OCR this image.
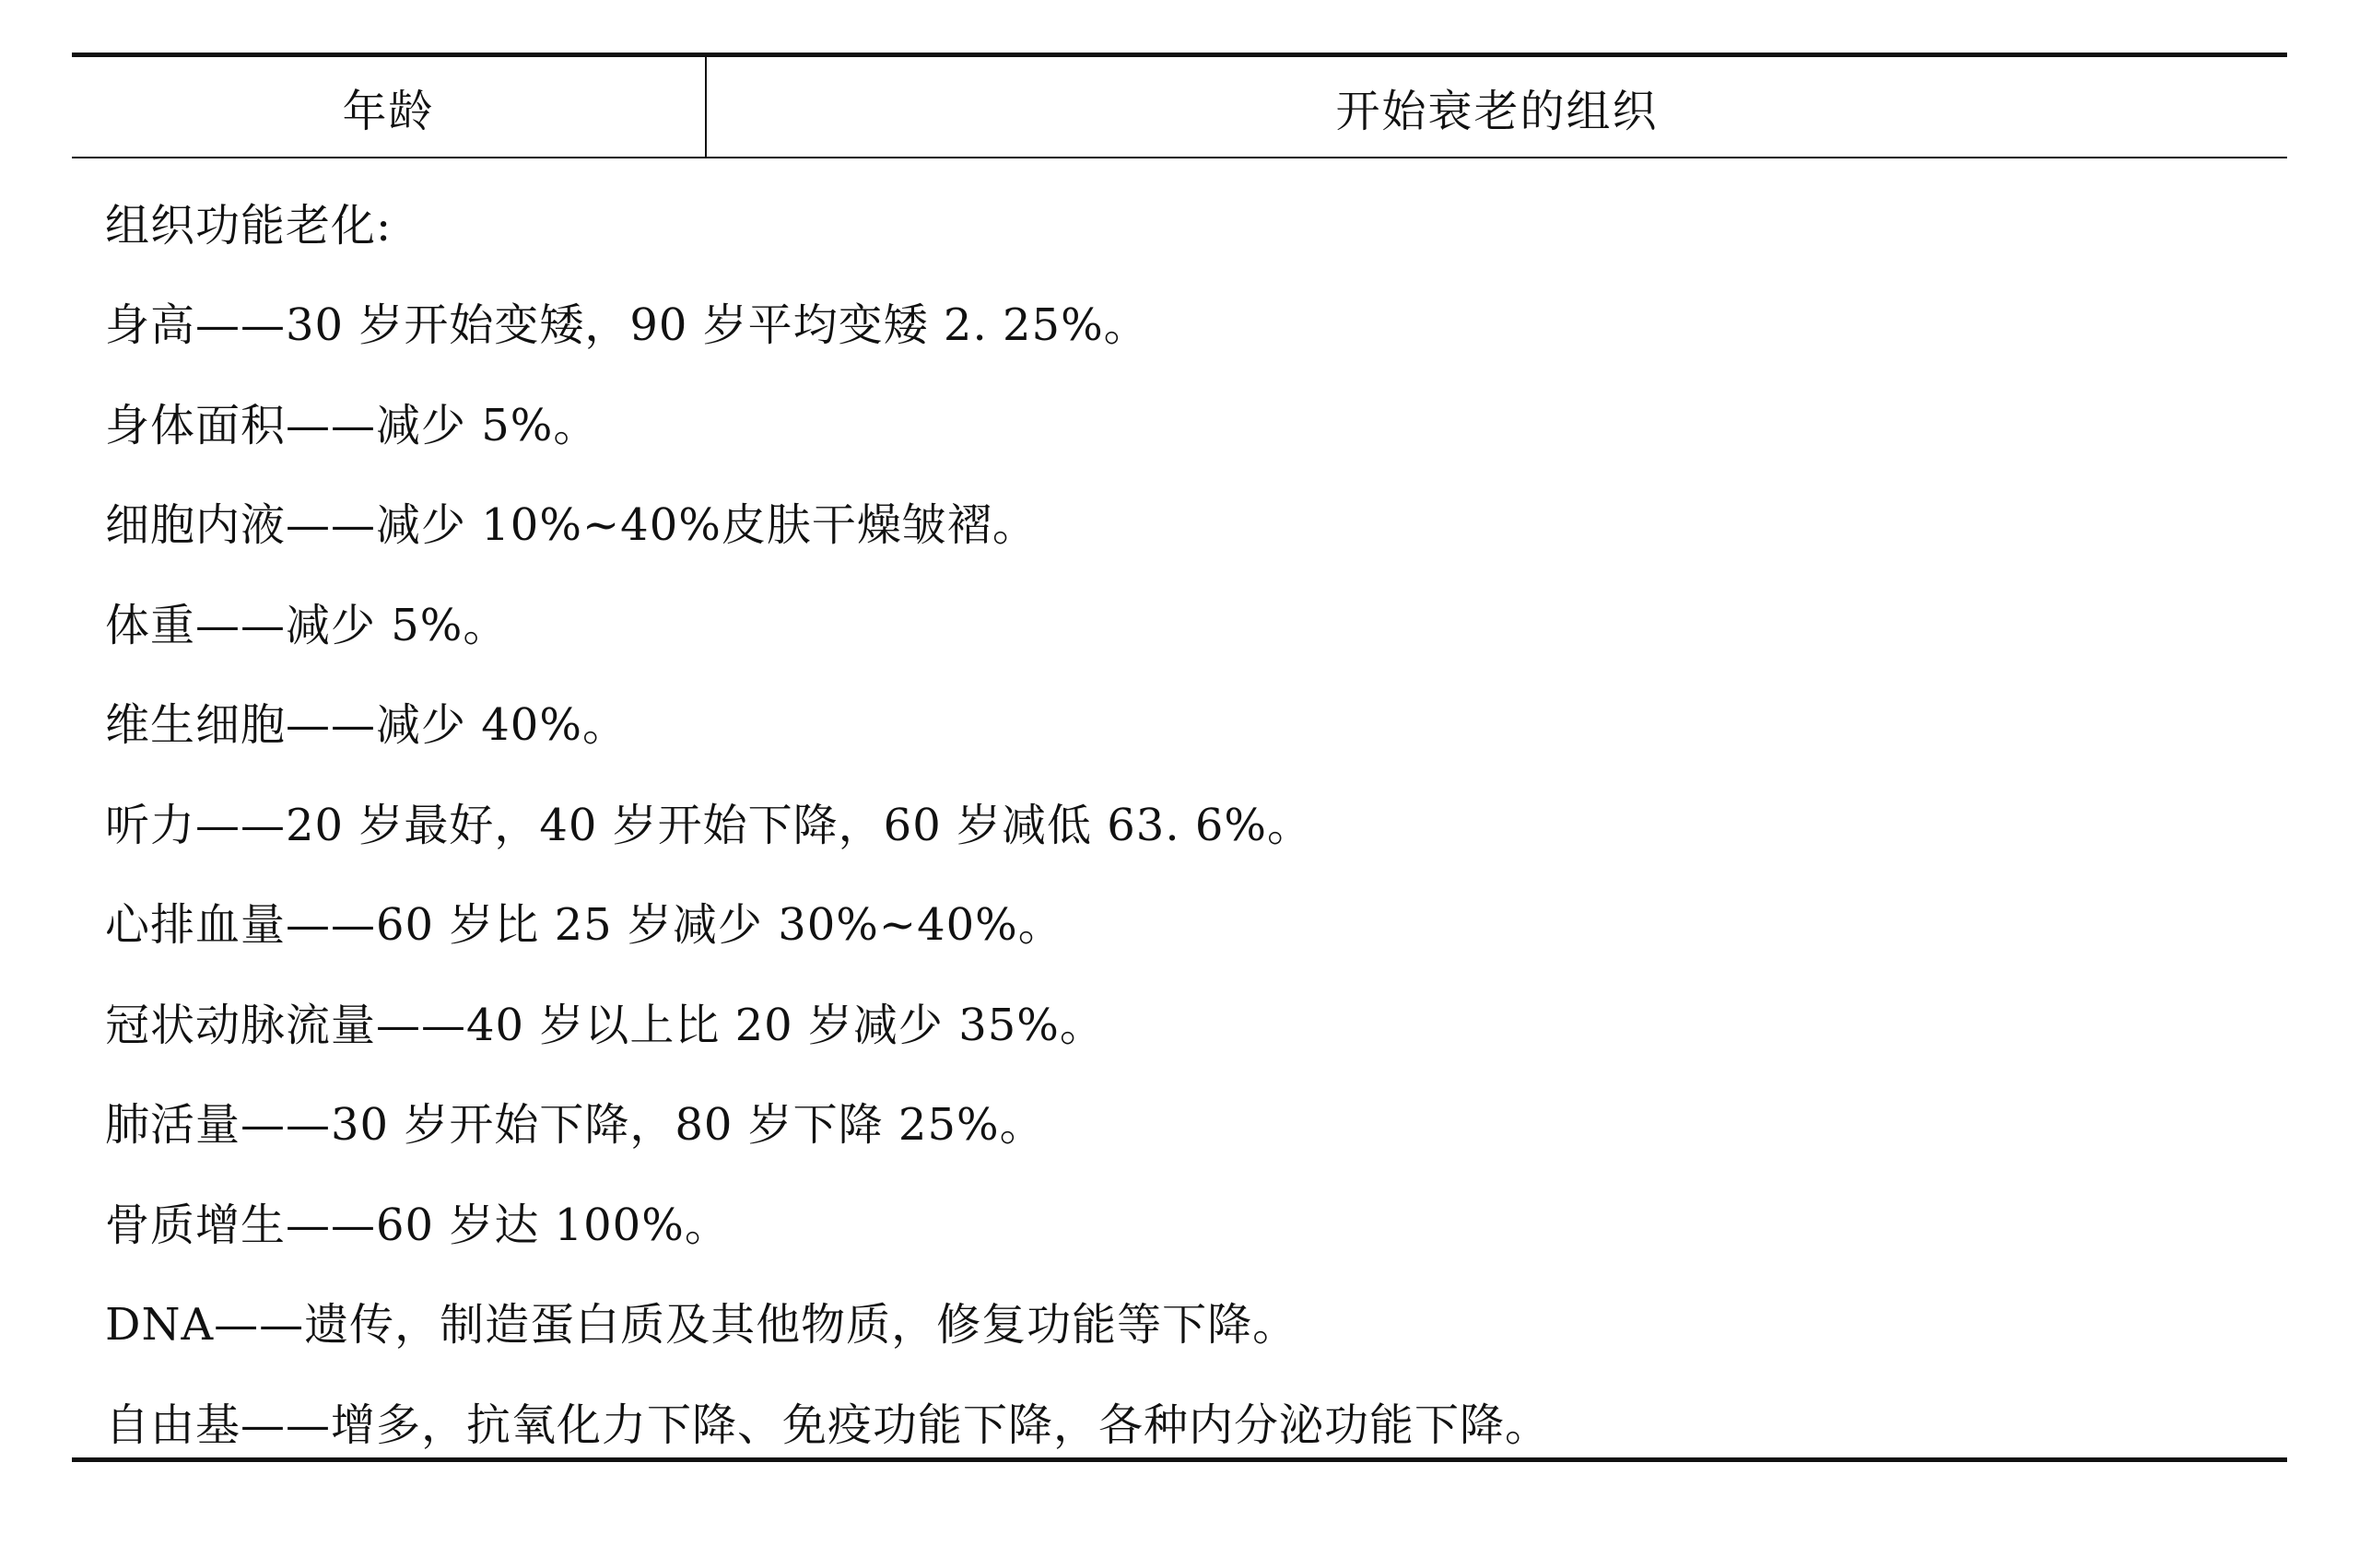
年龄	开始衰老的组织
组织功能老化:
身高——30 岁开始变矮，90 岁平均变矮 2. 25%。
身体面积——减少 5%。
细胞内液——减少 10%~40%皮肤干燥皱褶。
体重——减少 5%。
维生细胞——减少 40%。
听力——20 岁最好，40 岁开始下降，60 岁减低 63. 6%。
心排血量——60 岁比 25 岁减少 30%~40%。
冠状动脉流量——40 岁以上比 20 岁减少 35%。
肺活量——30 岁开始下降，80 岁下降 25%。
骨质增生——60 岁达 100%。
DNA——遗传，制造蛋白质及其他物质，修复功能等下降。
自由基——增多，抗氧化力下降、免疫功能下降，各种内分泌功能下降。
